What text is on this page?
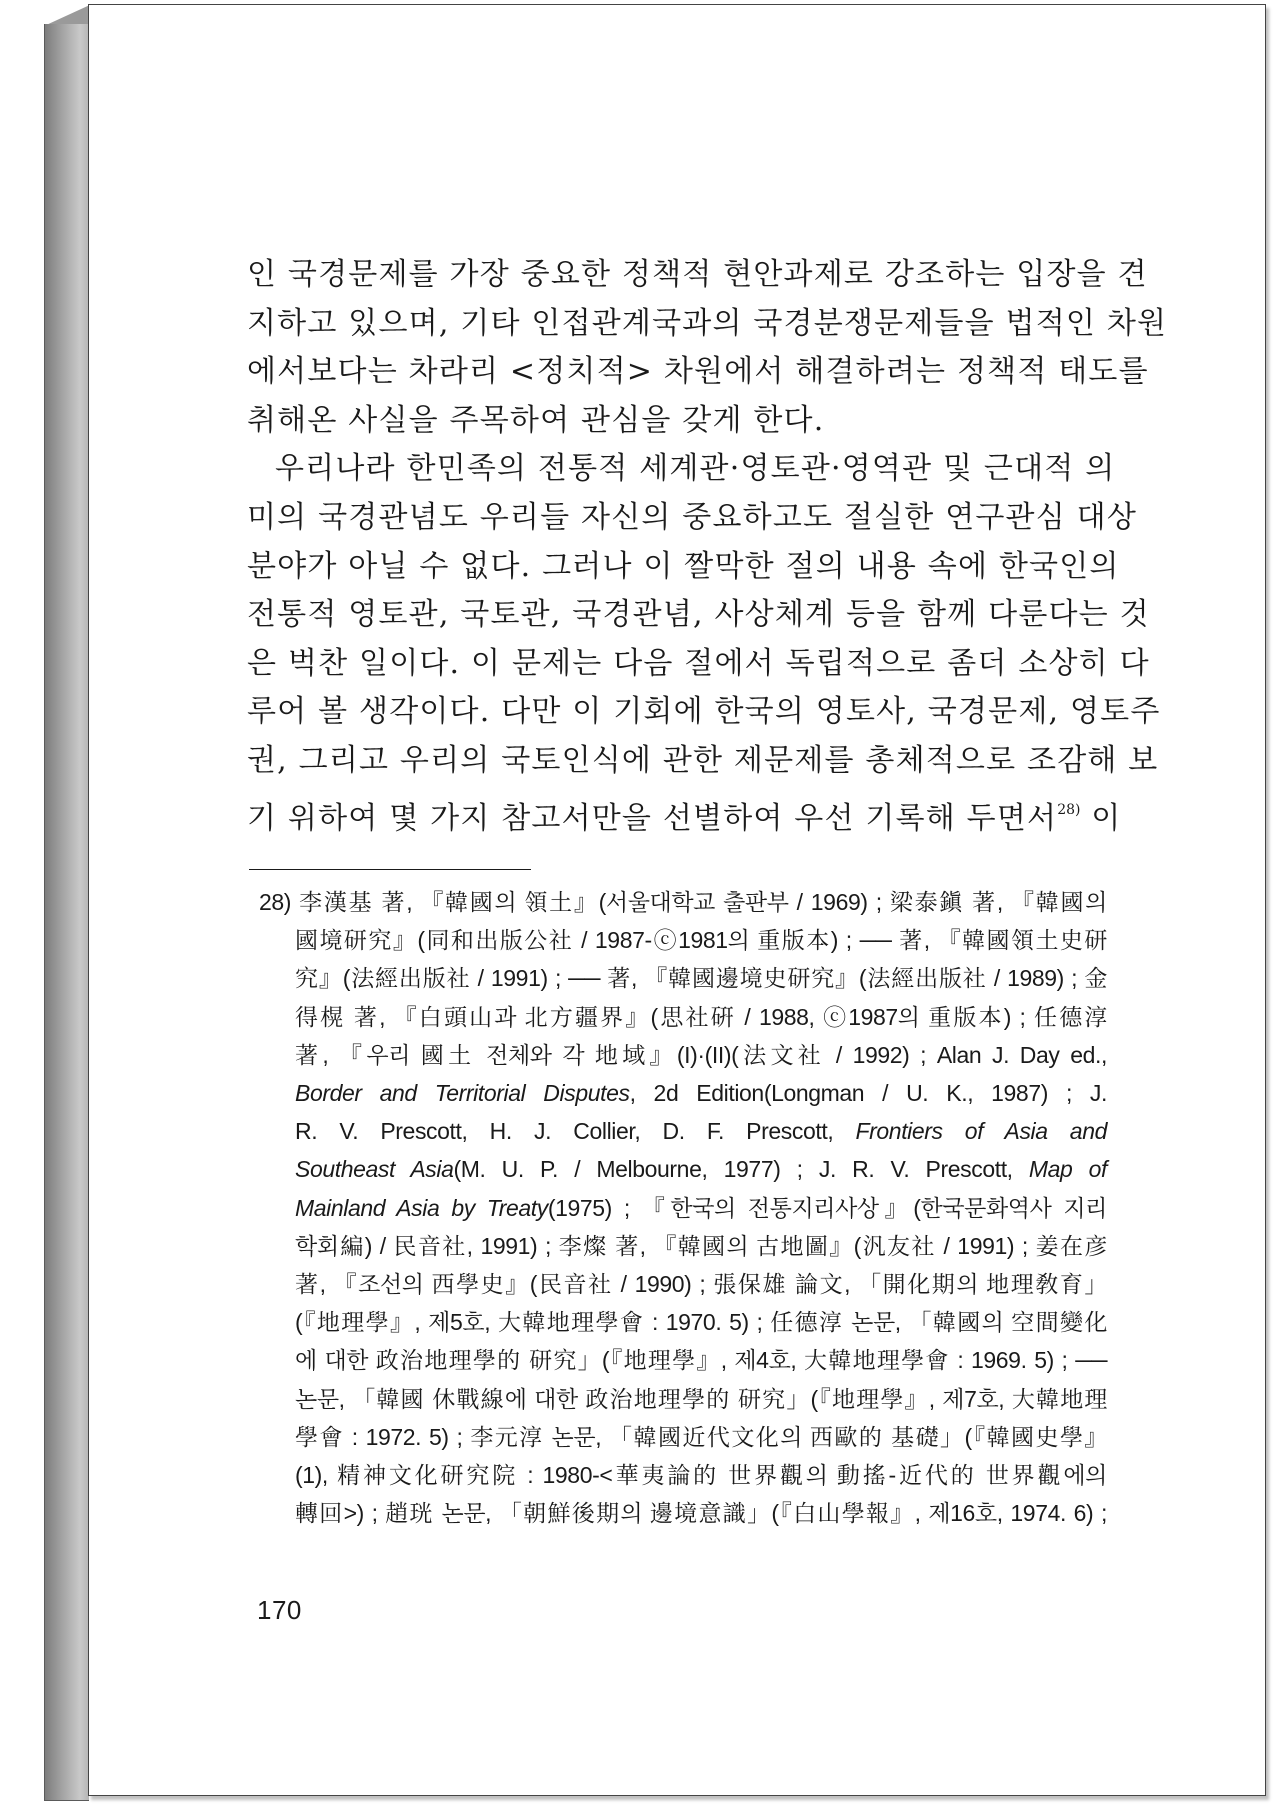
인 국경문제를 가장 중요한 정책적 현안과제로 강조하는 입장을 견
지하고 있으며, 기타 인접관계국과의 국경분쟁문제들을 법적인 차원
에서보다는 차라리 <정치적> 차원에서 해결하려는 정책적 태도를
취해온 사실을 주목하여 관심을 갖게 한다.
우리나라 한민족의 전통적 세계관·영토관·영역관 및 근대적 의
미의 국경관념도 우리들 자신의 중요하고도 절실한 연구관심 대상
분야가 아닐 수 없다. 그러나 이 짤막한 절의 내용 속에 한국인의
전통적 영토관, 국토관, 국경관념, 사상체계 등을 함께 다룬다는 것
은 벅찬 일이다. 이 문제는 다음 절에서 독립적으로 좀더 소상히 다
루어 볼 생각이다. 다만 이 기회에 한국의 영토사, 국경문제, 영토주
권, 그리고 우리의 국토인식에 관한 제문제를 총체적으로 조감해 보
기 위하여 몇 가지 참고서만을 선별하여 우선 기록해 두면서$^{28)}$ 이
28) 李漢基 著, 『韓國의 領土』(서울대학교 출판부 / 1969) ; 梁泰鎭 著, 『韓國의
國境研究』(同和出版公社 / 1987-ⓒ1981의 重版本) ; ── 著, 『韓國領土史研
究』(法經出版社 / 1991) ; ── 著, 『韓國邊境史研究』(法經出版社 / 1989) ; 金
得榥 著, 『白頭山과 北方疆界』(思社硏 / 1988, ⓒ1987의 重版本) ; 任德淳
著, 『우리 國土 전체와 각 地域』(I)·(II)(法文社 / 1992) ; Alan J. Day ed.,
Border and Territorial Disputes, 2d Edition(Longman / U. K., 1987) ; J.
R. V. Prescott, H. J. Collier, D. F. Prescott, Frontiers of Asia and
Southeast Asia(M. U. P. / Melbourne, 1977) ; J. R. V. Prescott, Map of
Mainland Asia by Treaty(1975) ; 『한국의 전통지리사상』(한국문화역사 지리
학회編) / 民音社, 1991) ; 李燦 著, 『韓國의 古地圖』(汎友社 / 1991) ; 姜在彦
著, 『조선의 西學史』(民音社 / 1990) ; 張保雄 論文, 「開化期의 地理敎育」
(『地理學』, 제5호, 大韓地理學會 : 1970. 5) ; 任德淳 논문, 「韓國의 空間變化
에 대한 政治地理學的 研究」(『地理學』, 제4호, 大韓地理學會 : 1969. 5) ; ──
논문, 「韓國 休戰線에 대한 政治地理學的 研究」(『地理學』, 제7호, 大韓地理
學會 : 1972. 5) ; 李元淳 논문, 「韓國近代文化의 西歐的 基礎」(『韓國史學』
(1), 精神文化研究院 : 1980-<華夷論的 世界觀의 動搖-近代的 世界觀에의
轉回>) ; 趙珖 논문, 「朝鮮後期의 邊境意識」(『白山學報』, 제16호, 1974. 6) ;
170
